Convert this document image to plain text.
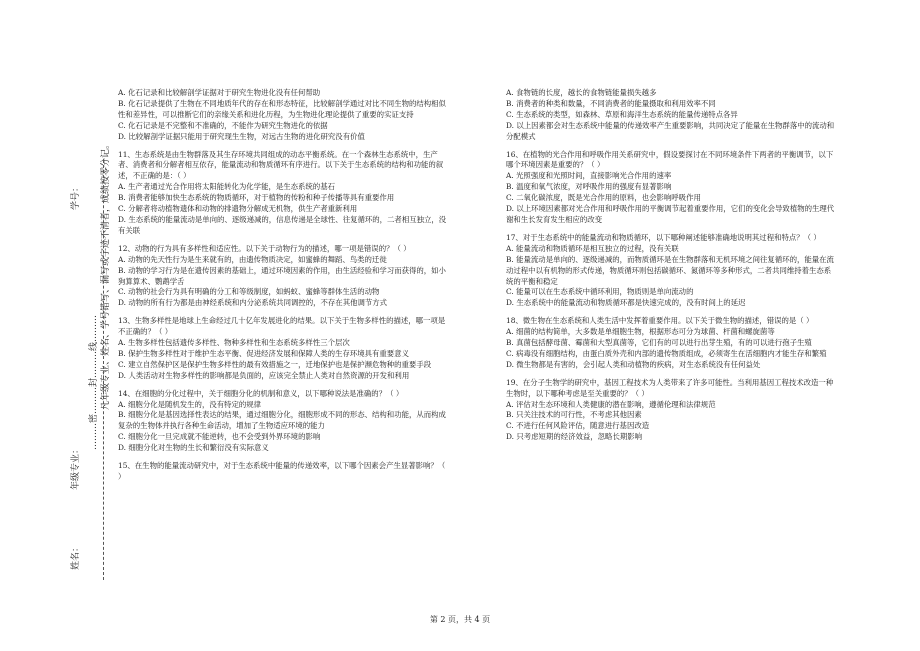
姓名：
年级专业：
………密………封………线……… 凡年级专业、姓名、学号错写、漏写或字迹不清者，成绩按零分记。
学号：

A. 化石记录和比较解剖学证据对于研究生物进化没有任何帮助

B. 化石记录提供了生物在不同地质年代的存在和形态特征，比较解剖学通过对比不同生物的结构相似性和差异性，可以推断它们的亲缘关系和进化历程，为生物进化理论提供了重要的实证支持

C. 化石记录是不完整和不准确的，不能作为研究生物进化的依据

D. 比较解剖学证据只能用于研究现生生物，对远古生物的进化研究没有价值

11、生态系统是由生物群落及其生存环境共同组成的动态平衡系统。在一个森林生态系统中，生产者、消费者和分解者相互依存，能量流动和物质循环有序进行。以下关于生态系统的结构和功能的叙述，不正确的是：（ ）

A. 生产者通过光合作用将太阳能转化为化学能，是生态系统的基石

B. 消费者能够加快生态系统的物质循环，对于植物的传粉和种子传播等具有重要作用

C. 分解者将动植物遗体和动物的排遗物分解成无机物，供生产者重新利用

D. 生态系统的能量流动是单向的、逐级递减的，信息传递是全球性、往复循环的，二者相互独立，没有关联

12、动物的行为具有多样性和适应性。以下关于动物行为的描述，哪一项是错误的？（ ）

A. 动物的先天性行为是生来就有的，由遗传物质决定，如蜜蜂的舞蹈、鸟类的迁徙

B. 动物的学习行为是在遗传因素的基础上，通过环境因素的作用，由生活经验和学习而获得的，如小狗算算术、鹦鹉学舌

C. 动物的社会行为具有明确的分工和等级制度，如蚂蚁、蜜蜂等群体生活的动物

D. 动物的所有行为都是由神经系统和内分泌系统共同调控的，不存在其他调节方式

13、生物多样性是地球上生命经过几十亿年发展进化的结果。以下关于生物多样性的描述，哪一项是不正确的？（ ）

A. 生物多样性包括遗传多样性、物种多样性和生态系统多样性三个层次

B. 保护生物多样性对于维护生态平衡、促进经济发展和保障人类的生存环境具有重要意义

C. 建立自然保护区是保护生物多样性的最有效措施之一，迁地保护也是保护濒危物种的重要手段

D. 人类活动对生物多样性的影响都是负面的，应该完全禁止人类对自然资源的开发和利用

14、在细胞的分化过程中，关于细胞分化的机制和意义，以下哪种说法是准确的？（ ）

A. 细胞分化是随机发生的，没有特定的规律

B. 细胞分化是基因选择性表达的结果，通过细胞分化，细胞形成不同的形态、结构和功能，从而构成复杂的生物体并执行各种生命活动，增加了生物适应环境的能力

C. 细胞分化一旦完成就不能逆转，也不会受到外界环境的影响

D. 细胞分化对生物的生长和繁衍没有实际意义

15、在生物的能量流动研究中，对于生态系统中能量的传递效率，以下哪个因素会产生显著影响？（ ）

A. 食物链的长度，越长的食物链能量损失越多

B. 消费者的种类和数量，不同消费者的能量摄取和利用效率不同

C. 生态系统的类型，如森林、草原和海洋生态系统的能量传递特点各异

D. 以上因素都会对生态系统中能量的传递效率产生重要影响，共同决定了能量在生物群落中的流动和分配模式

16、在植物的光合作用和呼吸作用关系研究中，假设要探讨在不同环境条件下两者的平衡调节，以下哪个环境因素是重要的？（ ）

A. 光照强度和光照时间，直接影响光合作用的速率

B. 温度和氧气浓度，对呼吸作用的强度有显著影响

C. 二氧化碳浓度，既是光合作用的原料，也会影响呼吸作用

D. 以上环境因素都对光合作用和呼吸作用的平衡调节起着重要作用，它们的变化会导致植物的生理代谢和生长发育发生相应的改变

17、对于生态系统中的能量流动和物质循环，以下哪种阐述能够准确地说明其过程和特点？（ ）

A. 能量流动和物质循环是相互独立的过程，没有关联

B. 能量流动是单向的、逐级递减的，而物质循环是在生物群落和无机环境之间往复循环的，能量在流动过程中以有机物的形式传递，物质循环则包括碳循环、氮循环等多种形式，二者共同维持着生态系统的平衡和稳定

C. 能量可以在生态系统中循环利用，物质则是单向流动的

D. 生态系统中的能量流动和物质循环都是快速完成的，没有时间上的延迟

18、微生物在生态系统和人类生活中发挥着重要作用。以下关于微生物的描述，错误的是（ ）

A. 细菌的结构简单，大多数是单细胞生物，根据形态可分为球菌、杆菌和螺旋菌等

B. 真菌包括酵母菌、霉菌和大型真菌等，它们有的可以进行出芽生殖，有的可以进行孢子生殖

C. 病毒没有细胞结构，由蛋白质外壳和内部的遗传物质组成，必须寄生在活细胞内才能生存和繁殖

D. 微生物都是有害的，会引起人类和动植物的疾病，对生态系统没有任何益处

19、在分子生物学的研究中，基因工程技术为人类带来了许多可能性。当利用基因工程技术改造一种生物时，以下哪种考虑是至关重要的？（ ）

A. 评估对生态环境和人类健康的潜在影响，遵循伦理和法律规范

B. 只关注技术的可行性，不考虑其他因素

C. 不进行任何风险评估，随意进行基因改造

D. 只考虑短期的经济效益，忽略长期影响

第 2 页，共 4 页
